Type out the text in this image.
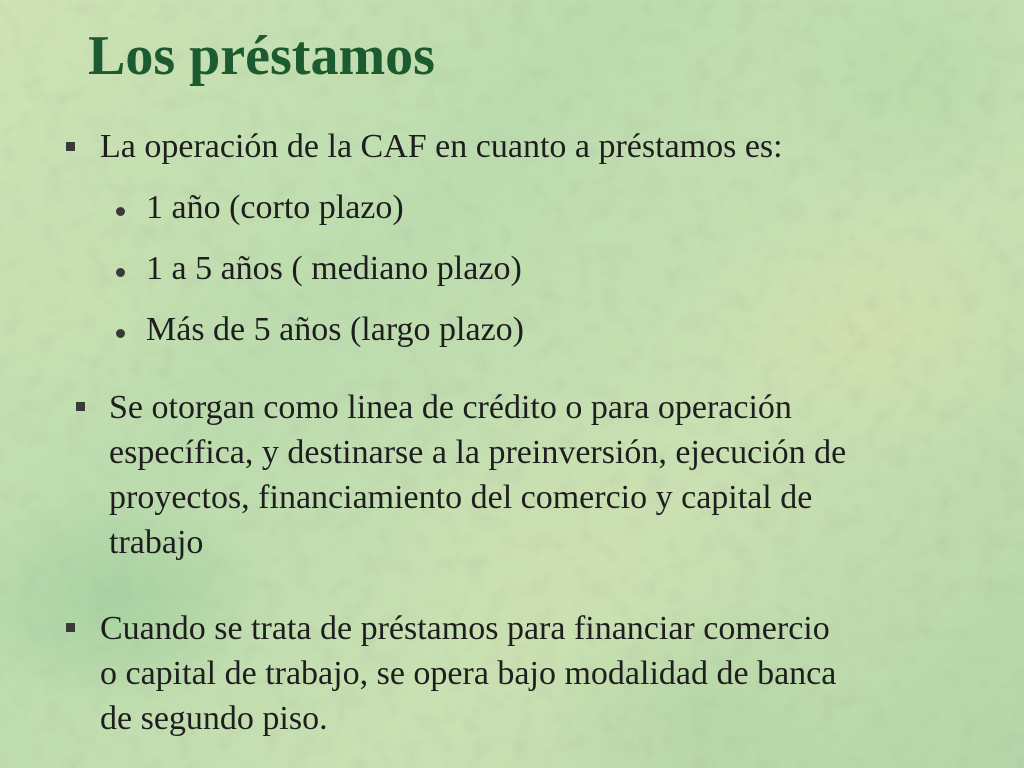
Los préstamos
La operación de la CAF en cuanto a préstamos es:
1 año (corto plazo)
1 a 5 años ( mediano plazo)
Más de 5 años (largo plazo)
Se otorgan como linea de crédito o para operación
específica, y destinarse a la preinversión, ejecución de
proyectos, financiamiento del comercio y capital de
trabajo
Cuando se trata de préstamos para financiar comercio
o capital de trabajo, se opera bajo modalidad de banca
de segundo piso.
